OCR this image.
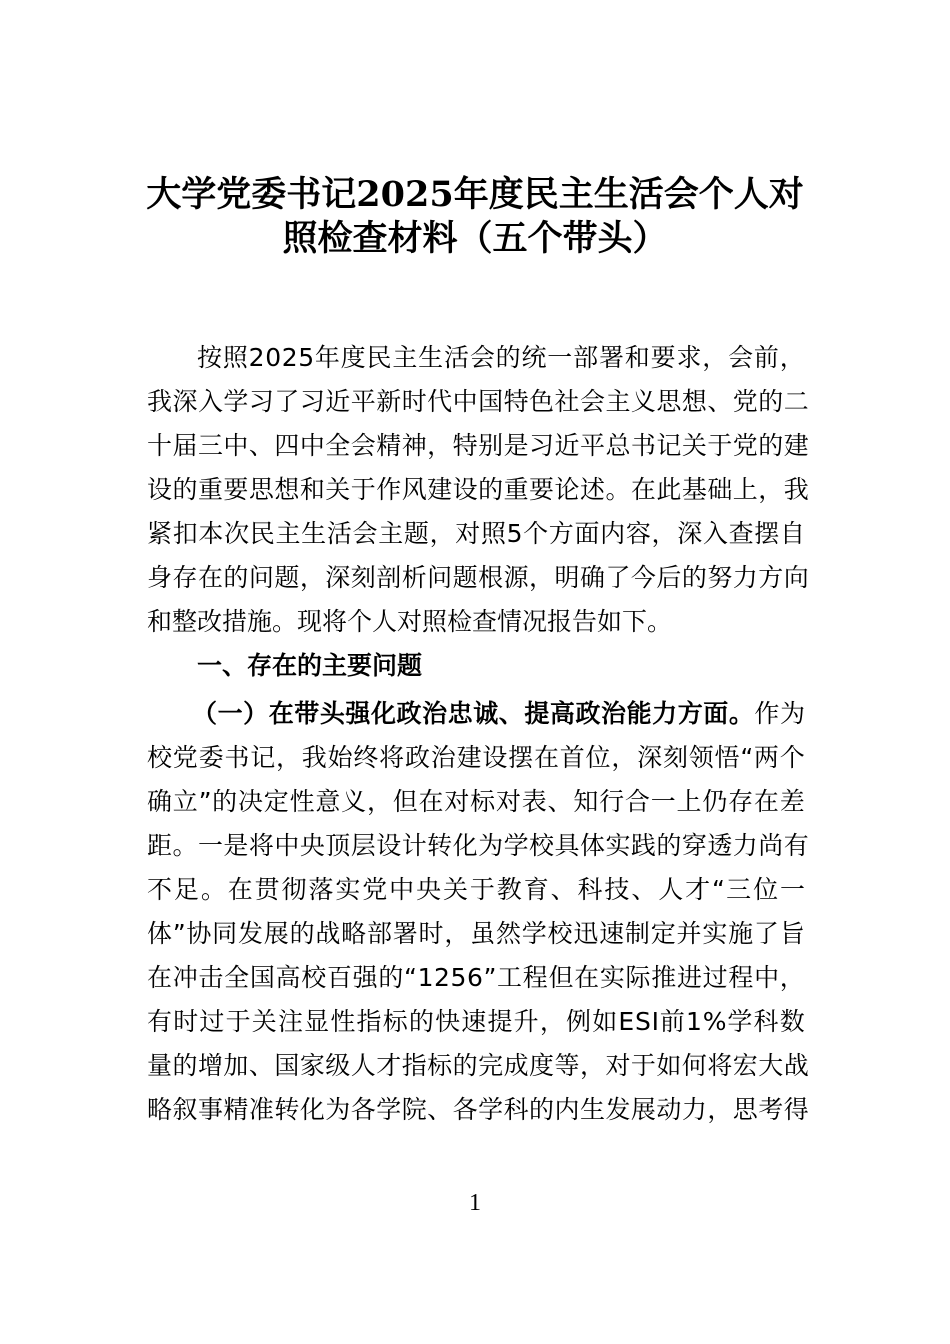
大学党委书记2025年度民主生活会个人对
照检查材料（五个带头）
按 照 2 0 2 5 年 度 民 主 生 活 会 的 统 一 部 署 和 要 求 ， 会 前 ，
我 深 入 学 习 了 习 近 平 新 时 代 中 国 特 色 社 会 主 义 思 想 、 党 的 二
十 届 三 中 、 四 中 全 会 精 神 ， 特 别 是 习 近 平 总 书 记 关 于 党 的 建
设 的 重 要 思 想 和 关 于 作 风 建 设 的 重 要 论 述 。 在 此 基 础 上 ， 我
紧 扣 本 次 民 主 生 活 会 主 题 ， 对 照 5 个 方 面 内 容 ， 深 入 查 摆 自
身 存 在 的 问 题 ， 深 刻 剖 析 问 题 根 源 ， 明 确 了 今 后 的 努 力 方 向
和整改措施。现将个人对照检查情况报告如下。
一、存在的主要问题
（一）在带头强化政治忠诚、提高政治能力方面。作为
校 党 委 书 记 ， 我 始 终 将 政 治 建 设 摆 在 首 位 ， 深 刻 领 悟 “ 两 个
确 立 ” 的 决 定 性 意 义 ， 但 在 对 标 对 表 、 知 行 合 一 上 仍 存 在 差
距 。 一 是 将 中 央 顶 层 设 计 转 化 为 学 校 具 体 实 践 的 穿 透 力 尚 有
不 足 。 在 贯 彻 落 实 党 中 央 关 于 教 育 、 科 技 、 人 才 “ 三 位 一
体 ” 协 同 发 展 的 战 略 部 署 时 ， 虽 然 学 校 迅 速 制 定 并 实 施 了 旨
在 冲 击 全 国 高 校 百 强 的 “ 1 2 5 6 ” 工 程 但 在 实 际 推 进 过 程 中 ，
有 时 过 于 关 注 显 性 指 标 的 快 速 提 升 ， 例 如 E S I 前 1 % 学 科 数
量 的 增 加 、 国 家 级 人 才 指 标 的 完 成 度 等 ， 对 于 如 何 将 宏 大 战
略 叙 事 精 准 转 化 为 各 学 院 、 各 学 科 的 内 生 发 展 动 力 ， 思 考 得
1
